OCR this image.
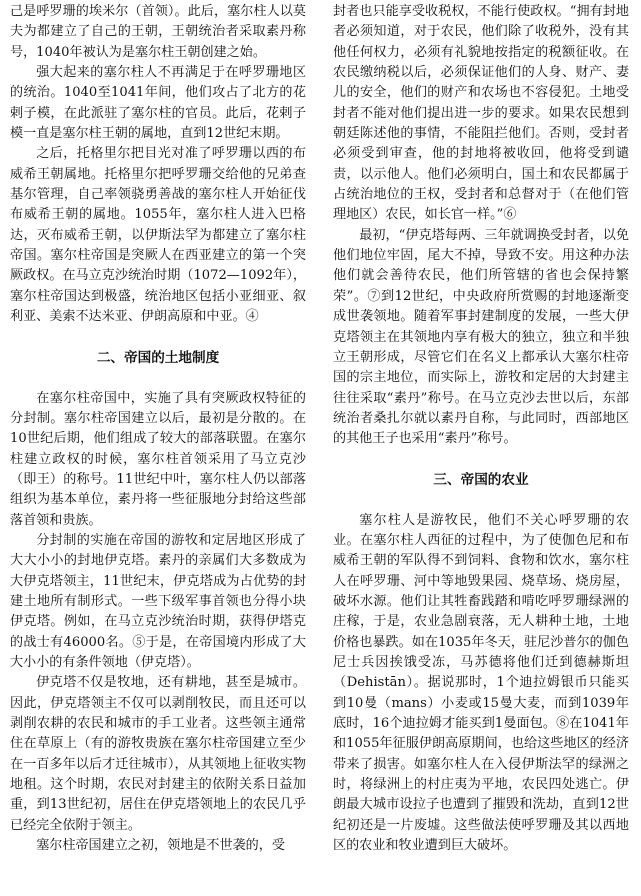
己是呼罗珊的埃米尔（首领）。此后，塞尔柱人以莫夫为都建立了自己的王朝，王朝统治者采取素丹称号，1040年被认为是塞尔柱王朝创建之始。

强大起来的塞尔柱人不再满足于在呼罗珊地区的统治。1040至1041年间，他们攻占了北方的花剌子模，在此派驻了塞尔柱的官员。此后，花剌子模一直是塞尔柱王朝的属地，直到12世纪末期。

之后，托格里尔把目光对准了呼罗珊以西的布威希王朝属地。托格里尔把呼罗珊交给他的兄弟查基尔管理，自己率领骁勇善战的塞尔柱人开始征伐布威希王朝的属地。1055年，塞尔柱人进入巴格达，灭布威希王朝，以伊斯法罕为都建立了塞尔柱帝国。塞尔柱帝国是突厥人在西亚建立的第一个突厥政权。在马立克沙统治时期（1072—1092年），塞尔柱帝国达到极盛，统治地区包括小亚细亚、叙利亚、美索不达米亚、伊朗高原和中亚。④

二、帝国的土地制度

在塞尔柱帝国中，实施了具有突厥政权特征的分封制。塞尔柱帝国建立以后，最初是分散的。在10世纪后期，他们组成了较大的部落联盟。在塞尔柱建立政权的时候，塞尔柱首领采用了马立克沙（即王）的称号。11世纪中叶，塞尔柱人仍以部落组织为基本单位，素丹将一些征服地分封给这些部落首领和贵族。

分封制的实施在帝国的游牧和定居地区形成了大大小小的封地伊克塔。素丹的亲属们大多数成为大伊克塔领主，11世纪末，伊克塔成为占优势的封建土地所有制形式。一些下级军事首领也分得小块伊克塔。例如，在马立克沙统治时期，获得伊塔克的战士有46000名。⑤于是，在帝国境内形成了大大小小的有条件领地（伊克塔）。

伊克塔不仅是牧地，还有耕地，甚至是城市。因此，伊克塔领主不仅可以剥削牧民，而且还可以剥削农耕的农民和城市的手工业者。这些领主通常住在草原上（有的游牧贵族在塞尔柱帝国建立至少在一百多年以后才迁往城市），从其领地上征收实物地租。这个时期，农民对封建主的依附关系日益加重，到13世纪初，居住在伊克塔领地上的农民几乎已经完全依附于领主。

塞尔柱帝国建立之初，领地是不世袭的，受

封者也只能享受收税权，不能行使政权。“拥有封地者必须知道，对于农民，他们除了收税外，没有其他任何权力，必须有礼貌地按指定的税额征收。在农民缴纳税以后，必须保证他们的人身、财产、妻儿的安全，他们的财产和农场也不容侵犯。土地受封者不能对他们提出进一步的要求。如果农民想到朝廷陈述他的事情，不能阻拦他们。否则，受封者必须受到审查，他的封地将被收回，他将受到谴责，以示他人。他们必须明白，国土和农民都属于占统治地位的王权，受封者和总督对于（在他们管理地区）农民，如长官一样。”⑥

最初，“伊克塔每两、三年就调换受封者，以免他们地位牢固，尾大不掉，导致不安。用这种办法他们就会善待农民，他们所管辖的省也会保持繁荣”。⑦到12世纪，中央政府所赏赐的封地逐渐变成世袭领地。随着军事封建制度的发展，一些大伊克塔领主在其领地内享有极大的独立，独立和半独立王朝形成，尽管它们在名义上都承认大塞尔柱帝国的宗主地位，而实际上，游牧和定居的大封建主往往采取“素丹”称号。在马立克沙去世以后，东部统治者桑扎尔就以素丹自称，与此同时，西部地区的其他王子也采用“素丹”称号。

三、帝国的农业

塞尔柱人是游牧民，他们不关心呼罗珊的农业。在塞尔柱人西征的过程中，为了使伽色尼和布威希王朝的军队得不到饲料、食物和饮水，塞尔柱人在呼罗珊、河中等地毁果园、烧草场、烧房屋，破坏水源。他们让其牲畜践踏和啃吃呼罗珊绿洲的庄稼，于是，农业急剧衰落，无人耕种土地，土地价格也暴跌。如在1035年冬天，驻尼沙普尔的伽色尼士兵因挨饿受冻，马苏德将他们迁到德赫斯坦（Dehistān）。据说那时，1个迪拉姆银币只能买到10曼（mans）小麦或15曼大麦，而到1039年底时，16个迪拉姆才能买到1曼面包。⑧在1041年和1055年征服伊朗高原期间，也给这些地区的经济带来了损害。如塞尔柱人在入侵伊斯法罕的绿洲之时，将绿洲上的村庄夷为平地，农民四处逃亡。伊朗最大城市设拉子也遭到了摧毁和洗劫，直到12世纪初还是一片废墟。这些做法使呼罗珊及其以西地区的农业和牧业遭到巨大破坏。
